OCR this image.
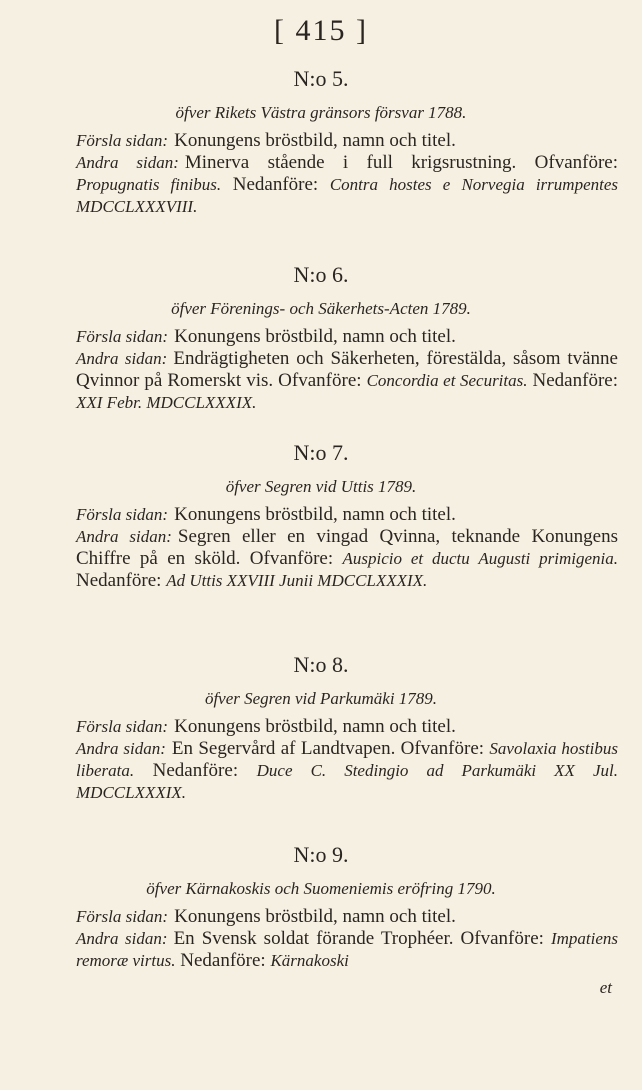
[ 415 ]
N:o 5.
öfver Rikets Västra gränsors försvar 1788.

Försla sidan: Konungens bröstbild, namn och titel.

Andra sidan: Minerva stående i full krigsrustning. Ofvanföre: Propugnatis finibus. Nedanföre: Contra hostes e Norvegia irrumpentes MDCCLXXXVIII.

N:o 6.
öfver Förenings- och Säkerhets-Acten 1789.

Försla sidan: Konungens bröstbild, namn och titel.

Andra sidan: Endrägtigheten och Säkerheten, förestälda, såsom tvänne Qvinnor på Romerskt vis. Ofvanföre: Concordia et Securitas. Nedanföre: XXI Febr. MDCCLXXXIX.

N:o 7.
öfver Segren vid Uttis 1789.

Försla sidan: Konungens bröstbild, namn och titel.

Andra sidan: Segren eller en vingad Qvinna, teknande Konungens Chiffre på en sköld. Ofvanföre: Auspicio et ductu Augusti primigenia. Nedanföre: Ad Uttis XXVIII Junii MDCCLXXXIX.

N:o 8.
öfver Segren vid Parkumäki 1789.

Försla sidan: Konungens bröstbild, namn och titel.

Andra sidan: En Segervård af Landtvapen. Ofvanföre: Savolaxia hostibus liberata. Nedanföre: Duce C. Stedingio ad Parkumäki XX Jul. MDCCLXXXIX.

N:o 9.
öfver Kärnakoskis och Suomeniemis eröfring 1790.

Försla sidan: Konungens bröstbild, namn och titel.

Andra sidan: En Svensk soldat förande Trophéer. Ofvanföre: Impatiens remoræ virtus. Nedanföre: Kärnakoski

et
